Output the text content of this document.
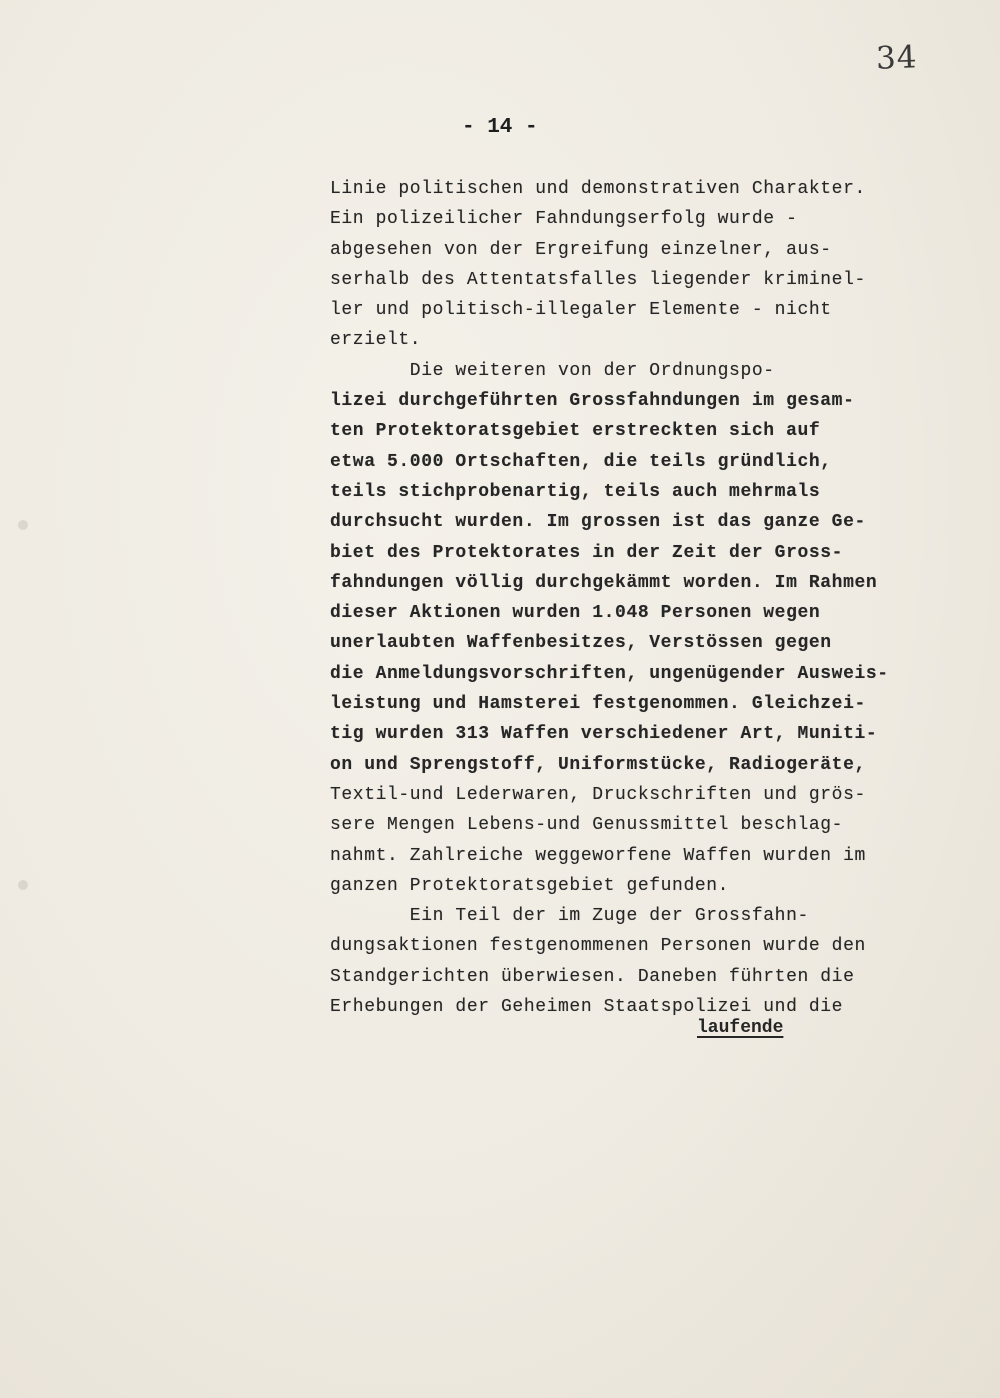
34
- 14 -
Linie politischen und demonstrativen Charakter.
Ein polizeilicher Fahndungserfolg wurde -
abgesehen von der Ergreifung einzelner, aus-
serhalb des Attentatsfalles liegender kriminel-
ler und politisch-illegaler Elemente - nicht
erzielt.
Die weiteren von der Ordnungspo-
lizei durchgeführten Grossfahndungen im gesam-
ten Protektoratsgebiet erstreckten sich auf
etwa 5.000 Ortschaften, die teils gründlich,
teils stichprobenartig, teils auch mehrmals
durchsucht wurden. Im grossen ist das ganze Ge-
biet des Protektorates in der Zeit der Gross-
fahndungen völlig durchgekämmt worden. Im Rahmen
dieser Aktionen wurden 1.048 Personen wegen
unerlaubten Waffenbesitzes, Verstössen gegen
die Anmeldungsvorschriften, ungenügender Ausweis-
leistung und Hamsterei festgenommen. Gleichzei-
tig wurden 313 Waffen verschiedener Art, Muniti-
on und Sprengstoff, Uniformstücke, Radiogeräte,
Textil-und Lederwaren, Druckschriften und grös-
sere Mengen Lebens-und Genussmittel beschlag-
nahmt. Zahlreiche weggeworfene Waffen wurden im
ganzen Protektoratsgebiet gefunden.
Ein Teil der im Zuge der Grossfahn-
dungsaktionen festgenommenen Personen wurde den
Standgerichten überwiesen. Daneben führten die
Erhebungen der Geheimen Staatspolizei und die
laufende
